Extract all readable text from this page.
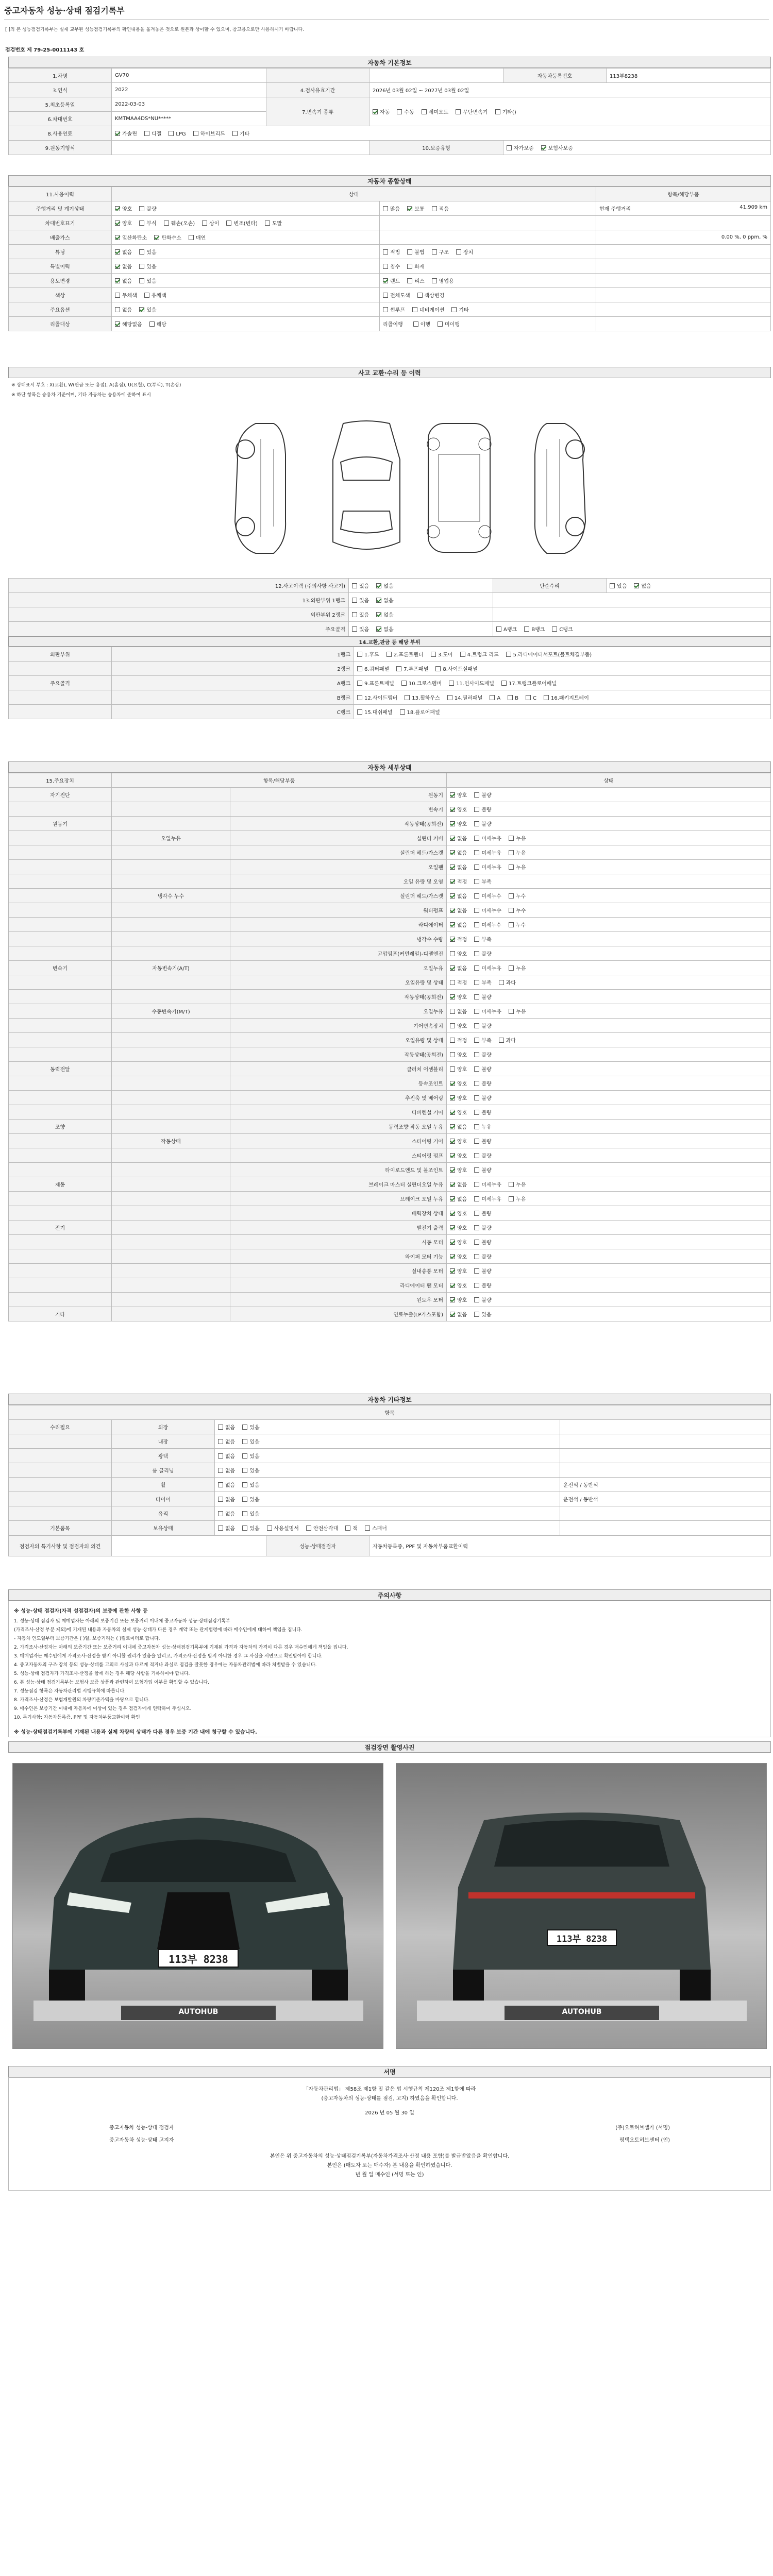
중고자동차 성능·상태 점검기록부
[ ]의 본 성능점검기록부는 실제 교부된 성능점검기록부의 확인내용을 옮겨놓은 것으로 원본과 상이할 수 있으며, 참고용으로만 사용하시기 바랍니다.
점검번호 제 79-25-0011143 호
자동차 기본정보
1.차명	GV70			자동차등록번호	113부8238
3.연식	2022	4.검사유효기간	2026년 03월 02일 ~ 2027년 03월 02일		
5.최초등록일	2022-03-03	7.변속기 종류	자동 수동 세미오토 무단변속기 기타()		
6.차대번호	KMTMAA4DS*NU*****				
8.사용연료	가솔린 디젤 LPG 하이브리드 기타				
9.원동기형식			10.보증유형	자가보증 보험사보증	
자동차 종합상태
11.사용이력	상태		항목/해당부품
주행거리 및 계기상태	양호 불량	많음 보통 적음	현재 주행거리 41,909 km

차대번호표기	양호 부식 훼손(오손) 상이 변조(변타) 도말		
배출가스	일산화탄소 탄화수소 매연		0.00 %, 0 ppm, %

튜닝	없음 있음	적법 불법 구조 장치	
특별이력	없음 있음	침수 화재	
용도변경	없음 있음	렌트 리스 영업용	
색상	무채색 유채색	전체도색 색상변경	
주요옵션	없음 있음	썬루프 네비게이션 기타	
리콜대상	해당없음 해당	리콜이행 이행 미이행	
사고 교환·수리 등 이력
※ 상태표시 부호 : X(교환), W(판금 또는 용접), A(흠집), U(요철), C(부식), T(손상)
※ 하단 항목은 승용차 기준이며, 기타 자동차는 승용차에 준하여 표시
12.사고이력 (주의사항 사고기)	있음 없음	단순수리	있음 없음
13.외판부위 1랭크	있음 없음		
외판부위 2랭크	있음 없음		
주요골격	있음 없음	A랭크 B랭크 C랭크	
14.교환,판금 등 해당 부위
외판부위	1랭크	1.후드 2.프론트펜더 3.도어 4.트렁크 리드 5.라디에이터서포트(볼트체결부품)
	2랭크	6.쿼터패널 7.루프패널 8.사이드실패널
주요골격	A랭크	9.프론트패널 10.크로스멤버 11.인사이드패널 17.트렁크플로어패널
	B랭크	12.사이드멤버 13.휠하우스 14.필러패널 A B C 16.패키지트레이
	C랭크	15.대쉬패널 18.플로어패널
자동차 세부상태
15.주요장치	항목/해당부품		상태
자기진단		원동기	양호 불량
		변속기	양호 불량
원동기		작동상태(공회전)	양호 불량
	오일누유	실린더 커버	없음 미세누유 누유
		실린더 헤드/가스켓	없음 미세누유 누유
		오일팬	없음 미세누유 누유
		오일 유량 및 오염	적정 부족
	냉각수 누수	실린더 헤드/가스켓	없음 미세누수 누수
		워터펌프	없음 미세누수 누수
		라디에이터	없음 미세누수 누수
		냉각수 수량	적정 부족
		고압펌프(커먼레일)-디젤엔진	양호 불량
변속기	자동변속기(A/T)	오일누유	없음 미세누유 누유
		오일유량 및 상태	적정 부족 과다
		작동상태(공회전)	양호 불량
	수동변속기(M/T)	오일누유	없음 미세누유 누유
		기어변속장치	양호 불량
		오일유량 및 상태	적정 부족 과다
		작동상태(공회전)	양호 불량
동력전달		클러치 어셈블리	양호 불량
		등속조인트	양호 불량
		추진축 및 베어링	양호 불량
		디퍼렌셜 기어	양호 불량
조향		동력조향 작동 오일 누유	없음 누유
	작동상태	스티어링 기어	양호 불량
		스티어링 펌프	양호 불량
		타이로드엔드 및 볼조인트	양호 불량
제동		브레이크 마스터 실린더오일 누유	없음 미세누유 누유
		브레이크 오일 누유	없음 미세누유 누유
		배력장치 상태	양호 불량
전기		발전기 출력	양호 불량
		시동 모터	양호 불량
		와이퍼 모터 기능	양호 불량
		실내송풍 모터	양호 불량
		라디에이터 팬 모터	양호 불량
		윈도우 모터	양호 불량
기타		연료누출(LP가스포함)	없음 있음
자동차 기타정보
항목			
수리필요	외장	없음 있음	
	내장	없음 있음	
	광택	없음 있음	
	룸 클리닝	없음 있음	
	휠	없음 있음	운전석 / 동반석
	타이어	없음 있음	운전석 / 동반석
	유리	없음 있음	
기본품목	보유상태	없음 있음 사용설명서 안전삼각대 잭 스패너	
점검자의 특기사항 및 점검자의 의견		성능·상태점검자	자동차등록증, PPF 및 자동차부품교환이력
주의사항
※ 성능·상태 점검자(자격 성점검자)의 보증에 관한 사항 등
1. 성능·상태 점검자 및 매매업자는 아래의 보증기간 또는 보증거리 이내에 중고자동차 성능·상태점검기록부
(가격조사·산정 부분 제외)에 기재된 내용과 자동차의 실제 성능·상태가 다른 경우 계약 또는 관계법령에 따라 매수인에게 대하여 책임을 집니다.
- 자동차 인도일부터 보증기간은 ( )일, 보증거리는 ( )킬로미터로 합니다.
2. 가격조사·산정자는 아래의 보증기간 또는 보증거리 이내에 중고자동차 성능·상태점검기록부에 기재된 가격과 자동차의 가격이 다른 경우 매수인에게 책임을 집니다.
3. 매매업자는 매수인에게 가격조사·산정을 받지 아니할 권리가 있음을 알리고, 가격조사·산정을 받지 아니한 경우 그 사실을 서면으로 확인받아야 합니다.
4. 중고자동차의 구조·장치 등의 성능·상태를 고의로 사실과 다르게 적거나 과실로 점검을 잘못한 경우에는 자동차관리법에 따라 처벌받을 수 있습니다.
5. 성능·상태 점검자가 가격조사·산정을 함께 하는 경우 해당 사항을 기록하여야 합니다.
6. 본 성능·상태 점검기록부는 보험사 보증 상품과 관련하여 보험가입 여부를 확인할 수 있습니다.
7. 성능점검 항목은 자동차관리법 시행규칙에 따릅니다.
8. 가격조사·산정은 보험개발원의 차량기준가액을 바탕으로 합니다.
9. 매수인은 보증기간 이내에 자동차에 이상이 있는 경우 점검자에게 연락하여 주십시오.
10. 특기사항: 자동차등록증, PPF 및 자동차부품교환이력 확인
※ 성능·상태점검기록부에 기재된 내용과 실제 차량의 상태가 다른 경우 보증 기간 내에 청구할 수 있습니다.
점검장면 촬영사진
113부 8238
AUTOHUB
113부 8238
AUTOHUB
서명
「자동차관리법」 제58조 제1항 및 같은 법 시행규칙 제120조 제1항에 따라
(중고자동차의 성능·상태를 점검, 고지) 하였음을 확인합니다.
2026 년 05 월 30 일
중고자동차 성능·상태 점검자	(주)오토허브셀카 (서명)
중고자동차 성능·상태 고지자	평택오토허브센터 (인)
본인은 위 중고자동차의 성능·상태점검기록부(자동차가격조사·산정 내용 포함)를 발급받았음을 확인합니다.
본인은 (매도자 또는 매수자) 본 내용을 확인하였습니다.
년 월 일 매수인 (서명 또는 인)
